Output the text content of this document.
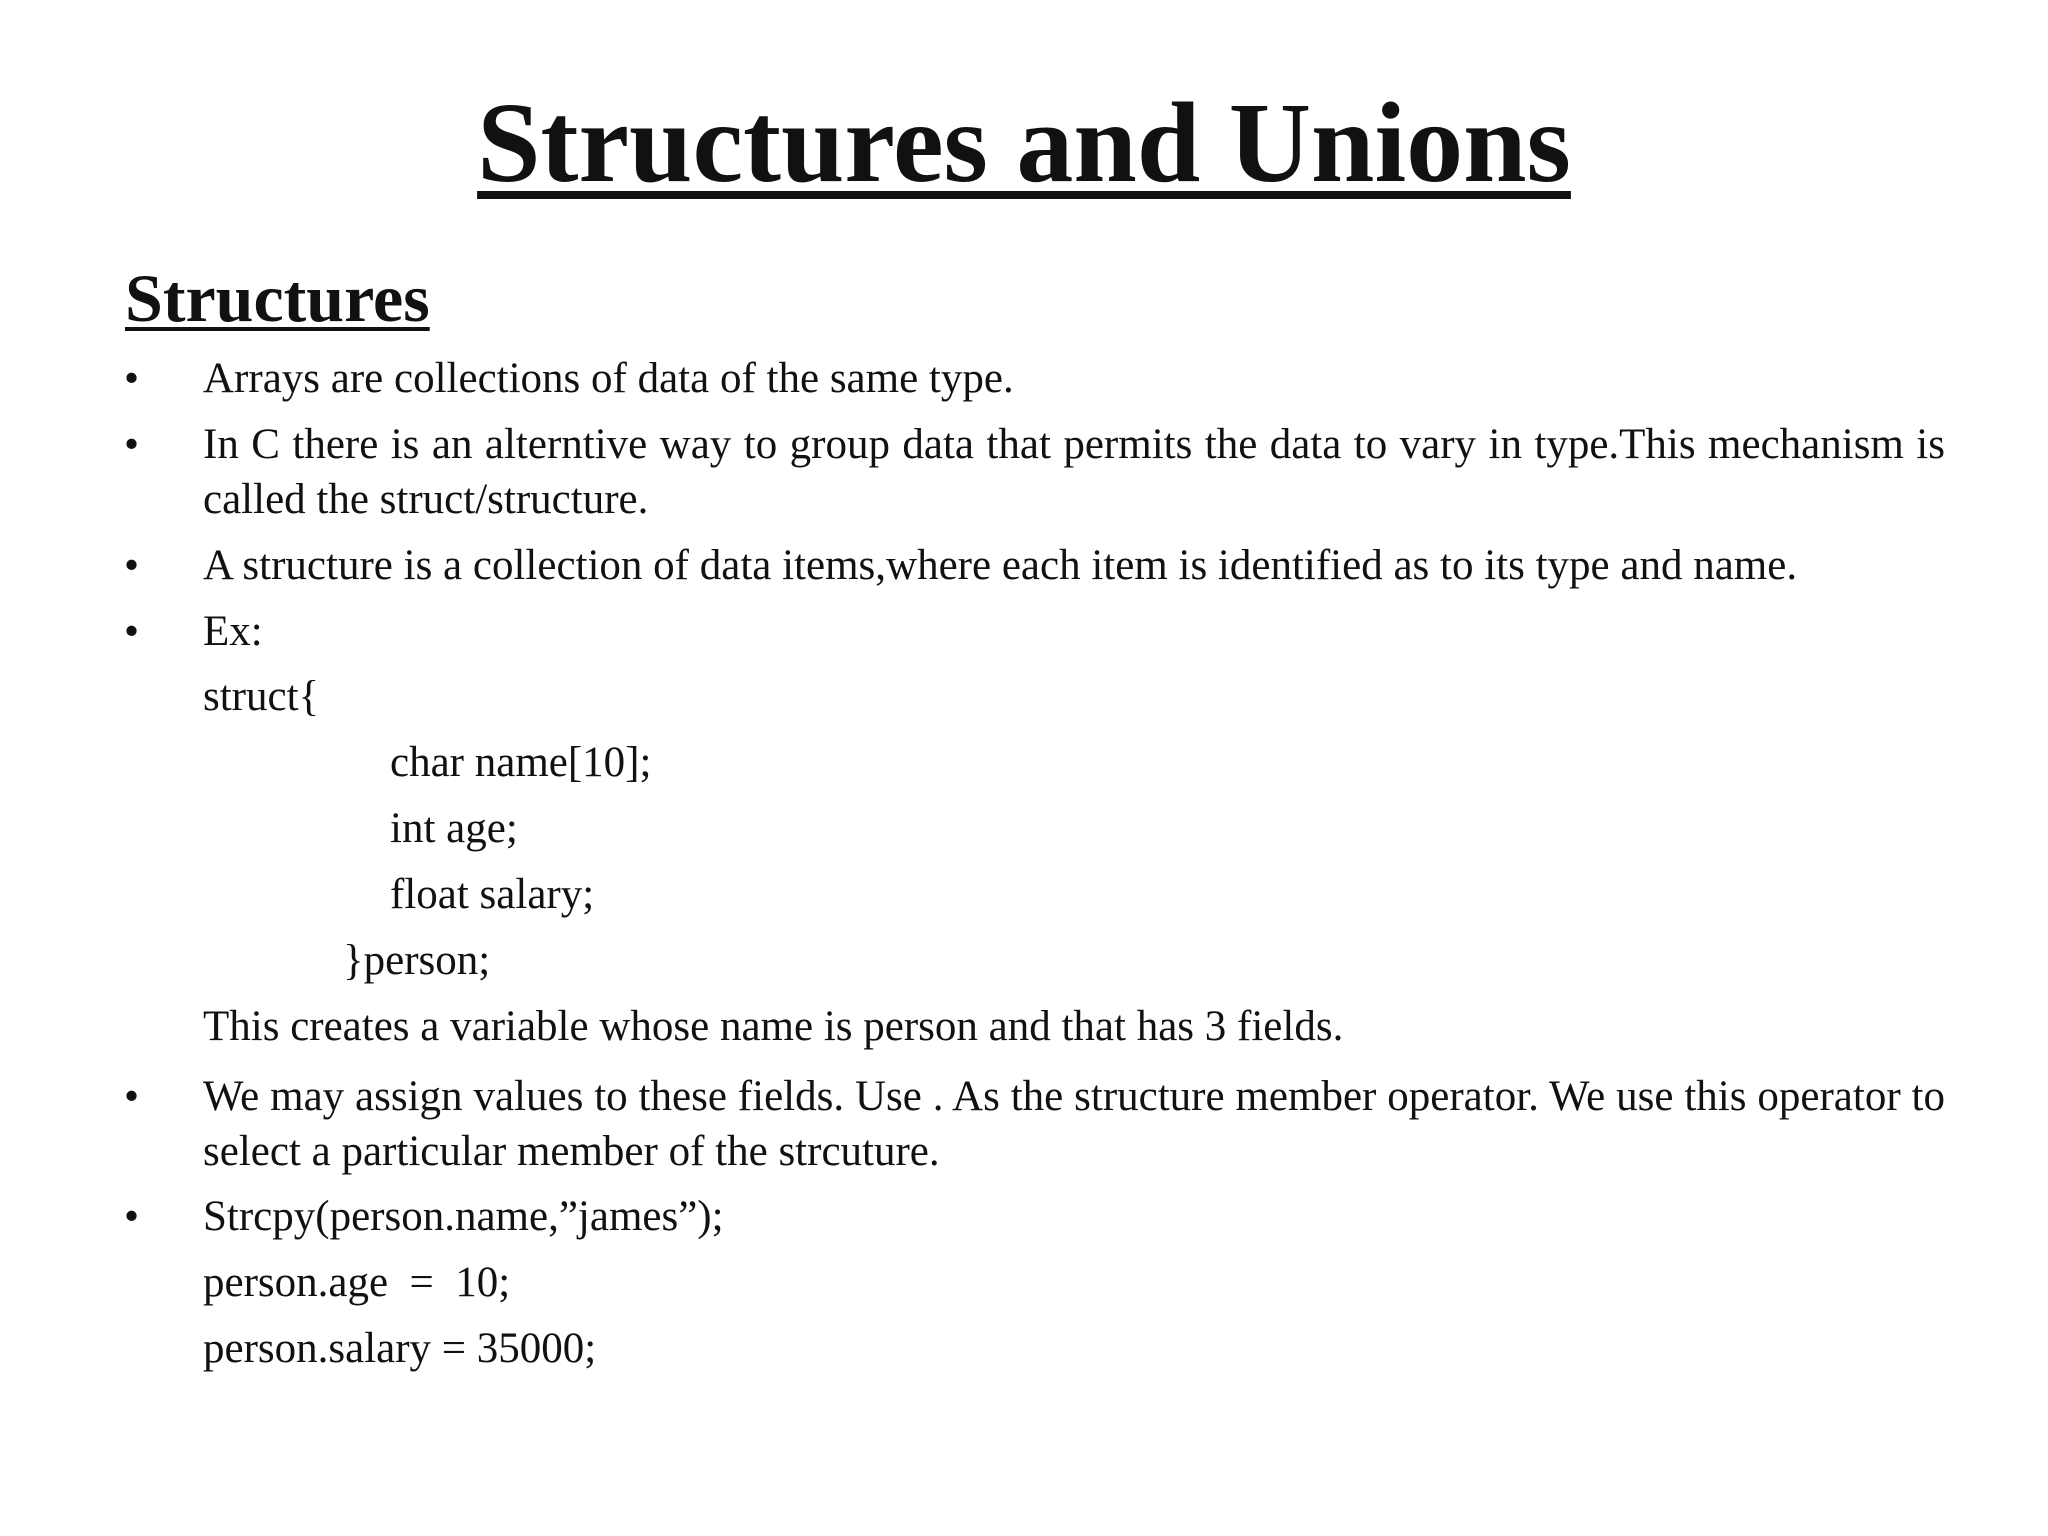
Structures and Unions
Structures
• Arrays are collections of data of the same type.
• In C there is an alterntive way to group data that permits the data to vary in type.This mechanism is called the struct/structure.
• A structure is a collection of data items,where each item is identified as to its type and name.
• Ex:
struct{
char name[10];
int age;
float salary;
}person;
This creates a variable whose name is person and that has 3 fields.
• We may assign values to these fields. Use . As the structure member operator. We use this operator to select a particular member of the strcuture.
• Strcpy(person.name,”james”);
person.age  =  10;
person.salary = 35000;
